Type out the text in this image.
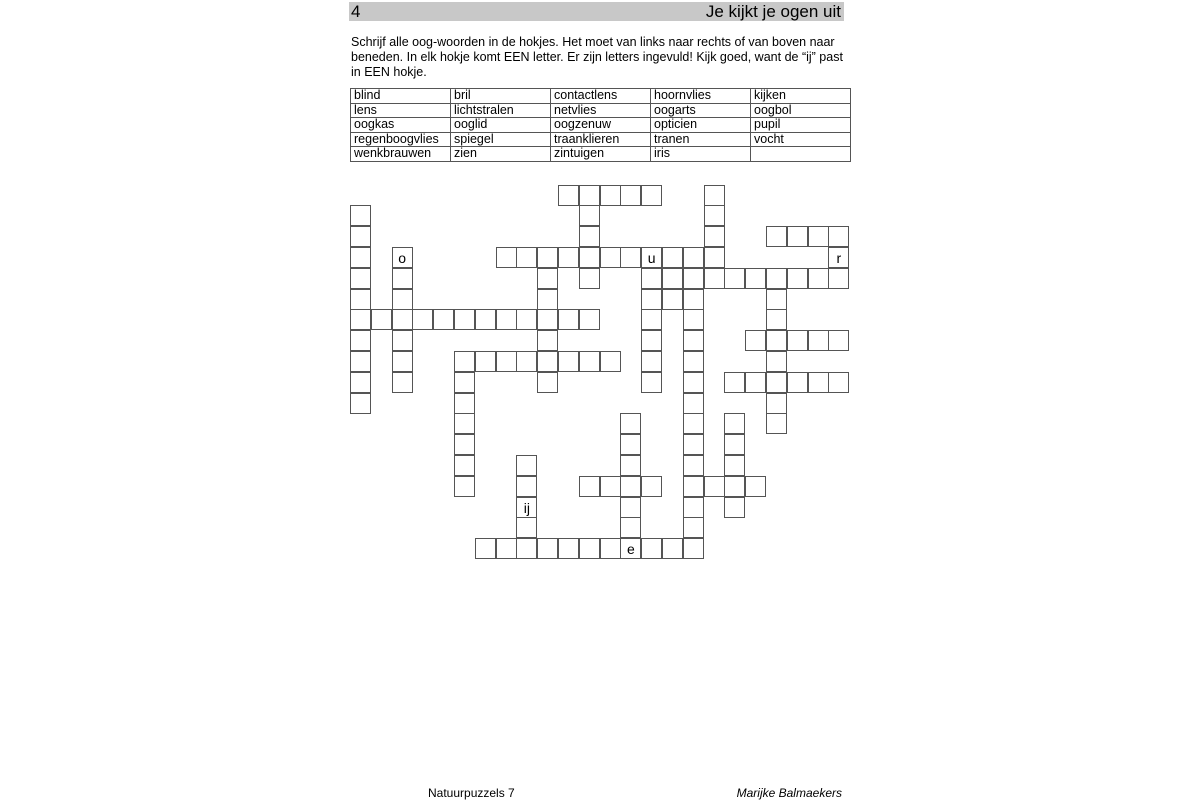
4	Je kijkt je ogen uit
Schrijf alle oog-woorden in de hokjes. Het moet van links naar rechts of van boven naar beneden. In elk hokje komt EEN letter. Er zijn letters ingevuld! Kijk goed, want de “ij” past in EEN hokje.
blind	bril	contactlens	hoornvlies	kijken
lens	lichtstralen	netvlies	oogarts	oogbol
oogkas	ooglid	oogzenuw	opticien	pupil
regenboogvlies	spiegel	traanklieren	tranen	vocht
wenkbrauwen	zien	zintuigen	iris	
o	u	r
ij
e
Natuurpuzzels 7	Marijke Balmaekers
